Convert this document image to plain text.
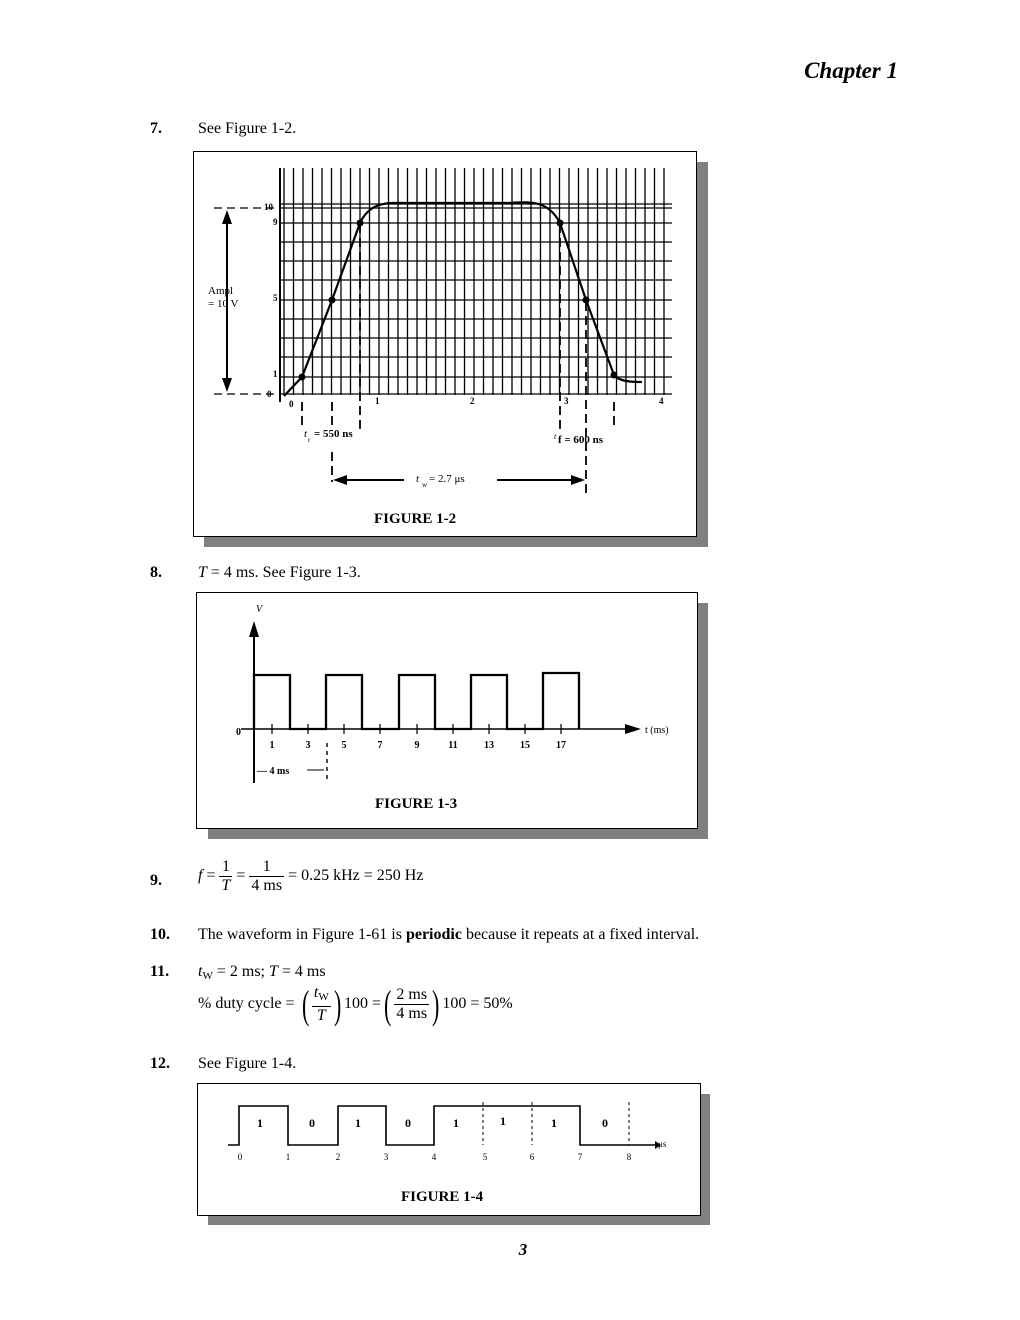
Chapter 1
7. See Figure 1-2.
Ampl
= 10 V
10
9
5
1
0
0	1	2	3	4
t r = 550 ns	t f = 600 ns
t w = 2.7 μs
FIGURE 1-2
8. T = 4 ms. See Figure 1-3.
V
0	t (ms)
1	3	5	7	9	11	13	15	17
— 4 ms
FIGURE 1-3
9. $f = \frac{1}{T} = \frac{1}{4 ms} = 0.25$ kHz = 250 Hz
10. The waveform in Figure 1-61 is periodic because it repeats at a fixed interval.
11. $t_W = 2$ ms; T = 4 ms
% duty cycle = ( $\frac{t_W}{T}$ ) 100 =( $\frac{2 ms}{4 ms}$ ) 100 = 50%
12. See Figure 1-4.
μs
1	0	1	0	1	1	1	0
0	1	2	3	4	5	6	7	8
FIGURE 1-4
3
